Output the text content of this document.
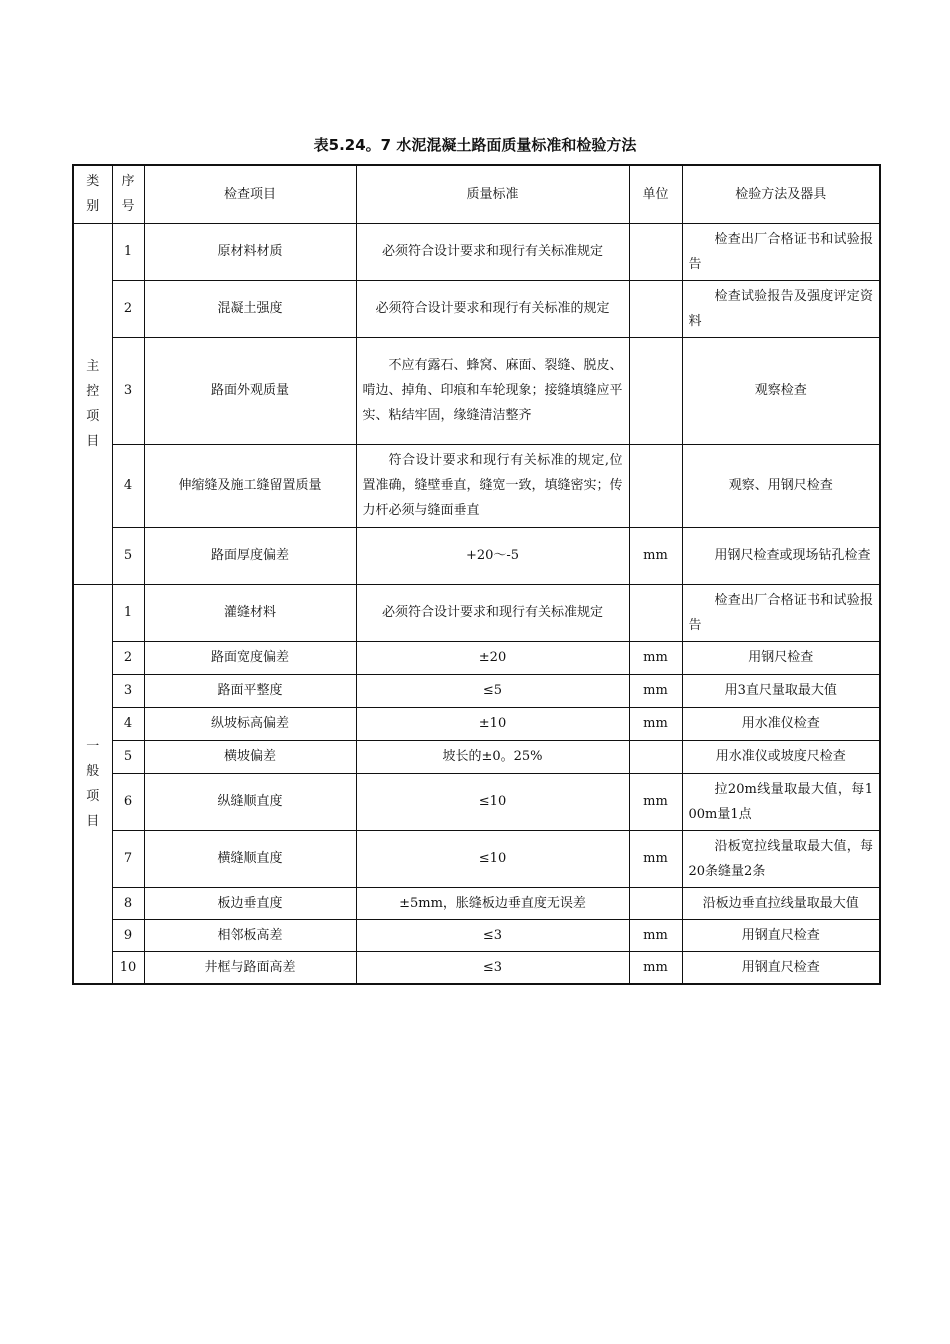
表5.24。7 水泥混凝土路面质量标准和检验方法
类别	序号	检查项目	质量标准	单位	检验方法及器具
主控项目	1	原材料材质	必须符合设计要求和现行有关标准规定		检查出厂合格证书和试验报告
	2	混凝土强度	必须符合设计要求和现行有关标准的规定		检查试验报告及强度评定资料
	3	路面外观质量	不应有露石、蜂窝、麻面、裂缝、脱皮、啃边、掉角、印痕和车轮现象；接缝填缝应平实、粘结牢固，缘缝清洁整齐		观察检查
	4	伸缩缝及施工缝留置质量	符合设计要求和现行有关标准的规定,位置准确，缝壁垂直，缝宽一致，填缝密实；传力杆必须与缝面垂直		观察、用钢尺检查
	5	路面厚度偏差	+20～-5	mm	用钢尺检查或现场钻孔检查
一般项目	1	灌缝材料	必须符合设计要求和现行有关标准规定		检查出厂合格证书和试验报告
	2	路面宽度偏差	±20	mm	用钢尺检查
	3	路面平整度	≤5	mm	用3直尺量取最大值
	4	纵坡标高偏差	±10	mm	用水准仪检查
	5	横坡偏差	坡长的±0。25%		用水准仪或坡度尺检查
	6	纵缝顺直度	≤10	mm	拉20m线量取最大值，每100m量1点
	7	横缝顺直度	≤10	mm	沿板宽拉线量取最大值，每20条缝量2条
	8	板边垂直度	±5mm，胀缝板边垂直度无误差		沿板边垂直拉线量取最大值
	9	相邻板高差	≤3	mm	用钢直尺检查
	10	井框与路面高差	≤3	mm	用钢直尺检查
